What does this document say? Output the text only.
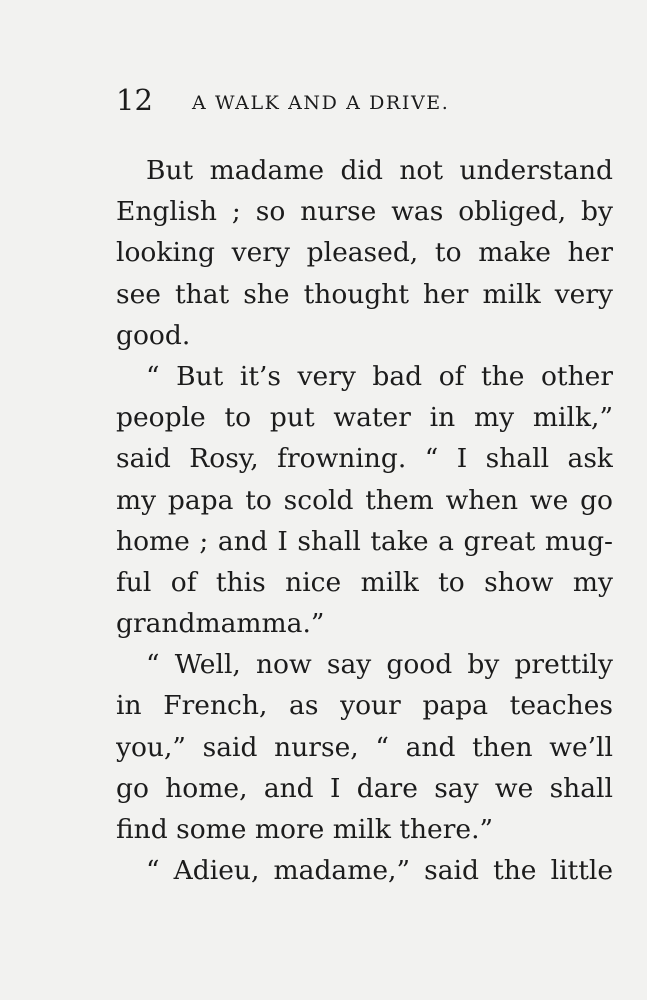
12 A WALK AND A DRIVE.
But madame did not understand
English ; so nurse was obliged, by
looking very pleased, to make her
see that she thought her milk very
good.
“ But it’s very bad of the other
people to put water in my milk,”
said Rosy, frowning. “ I shall ask
my papa to scold them when we go
home ; and I shall take a great mug-
ful of this nice milk to show my
grandmamma.”
“ Well, now say good by prettily
in French, as your papa teaches
you,” said nurse, “ and then we’ll
go home, and I dare say we shall
find some more milk there.”
“ Adieu, madame,” said the little
